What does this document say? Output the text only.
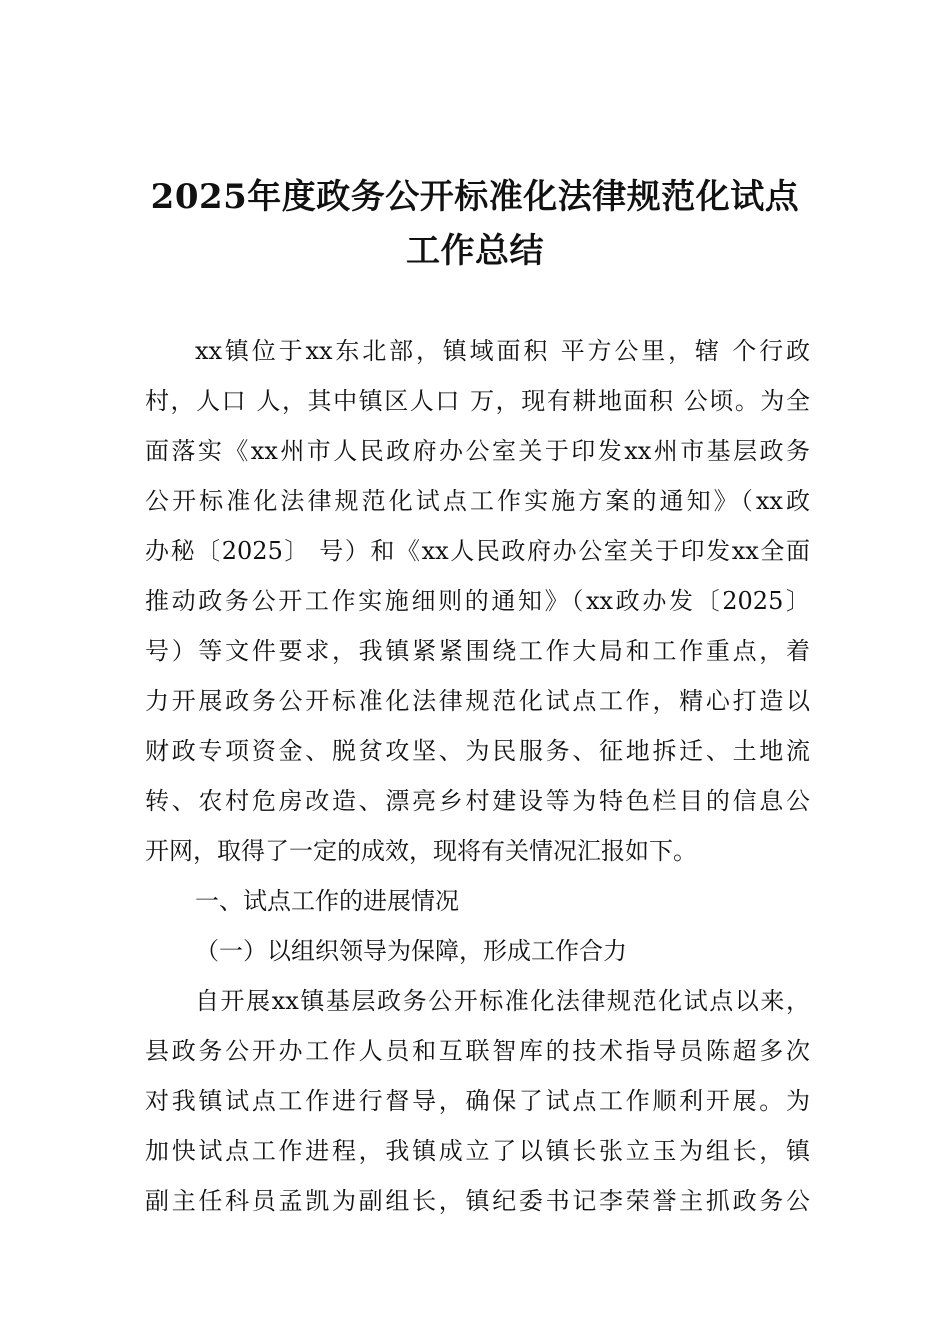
2025年度政务公开标准化法律规范化试点
工作总结
xx镇位于xx东北部，镇域面积 平方公里，辖 个行政
村，人口 人，其中镇区人口 万，现有耕地面积 公顷。为全
面落实《xx州市人民政府办公室关于印发xx州市基层政务
公开标准化法律规范化试点工作实施方案的通知》（xx政
办秘〔2025〕 号）和《xx人民政府办公室关于印发xx全面
推动政务公开工作实施细则的通知》（xx政办发〔2025〕
号）等文件要求，我镇紧紧围绕工作大局和工作重点，着
力开展政务公开标准化法律规范化试点工作，精心打造以
财政专项资金、脱贫攻坚、为民服务、征地拆迁、土地流
转、农村危房改造、漂亮乡村建设等为特色栏目的信息公
开网，取得了一定的成效，现将有关情况汇报如下。
一、试点工作的进展情况
（一）以组织领导为保障，形成工作合力
自开展xx镇基层政务公开标准化法律规范化试点以来，
县政务公开办工作人员和互联智库的技术指导员陈超多次
对我镇试点工作进行督导，确保了试点工作顺利开展。为
加快试点工作进程，我镇成立了以镇长张立玉为组长，镇
副主任科员孟凯为副组长，镇纪委书记李荣誉主抓政务公
